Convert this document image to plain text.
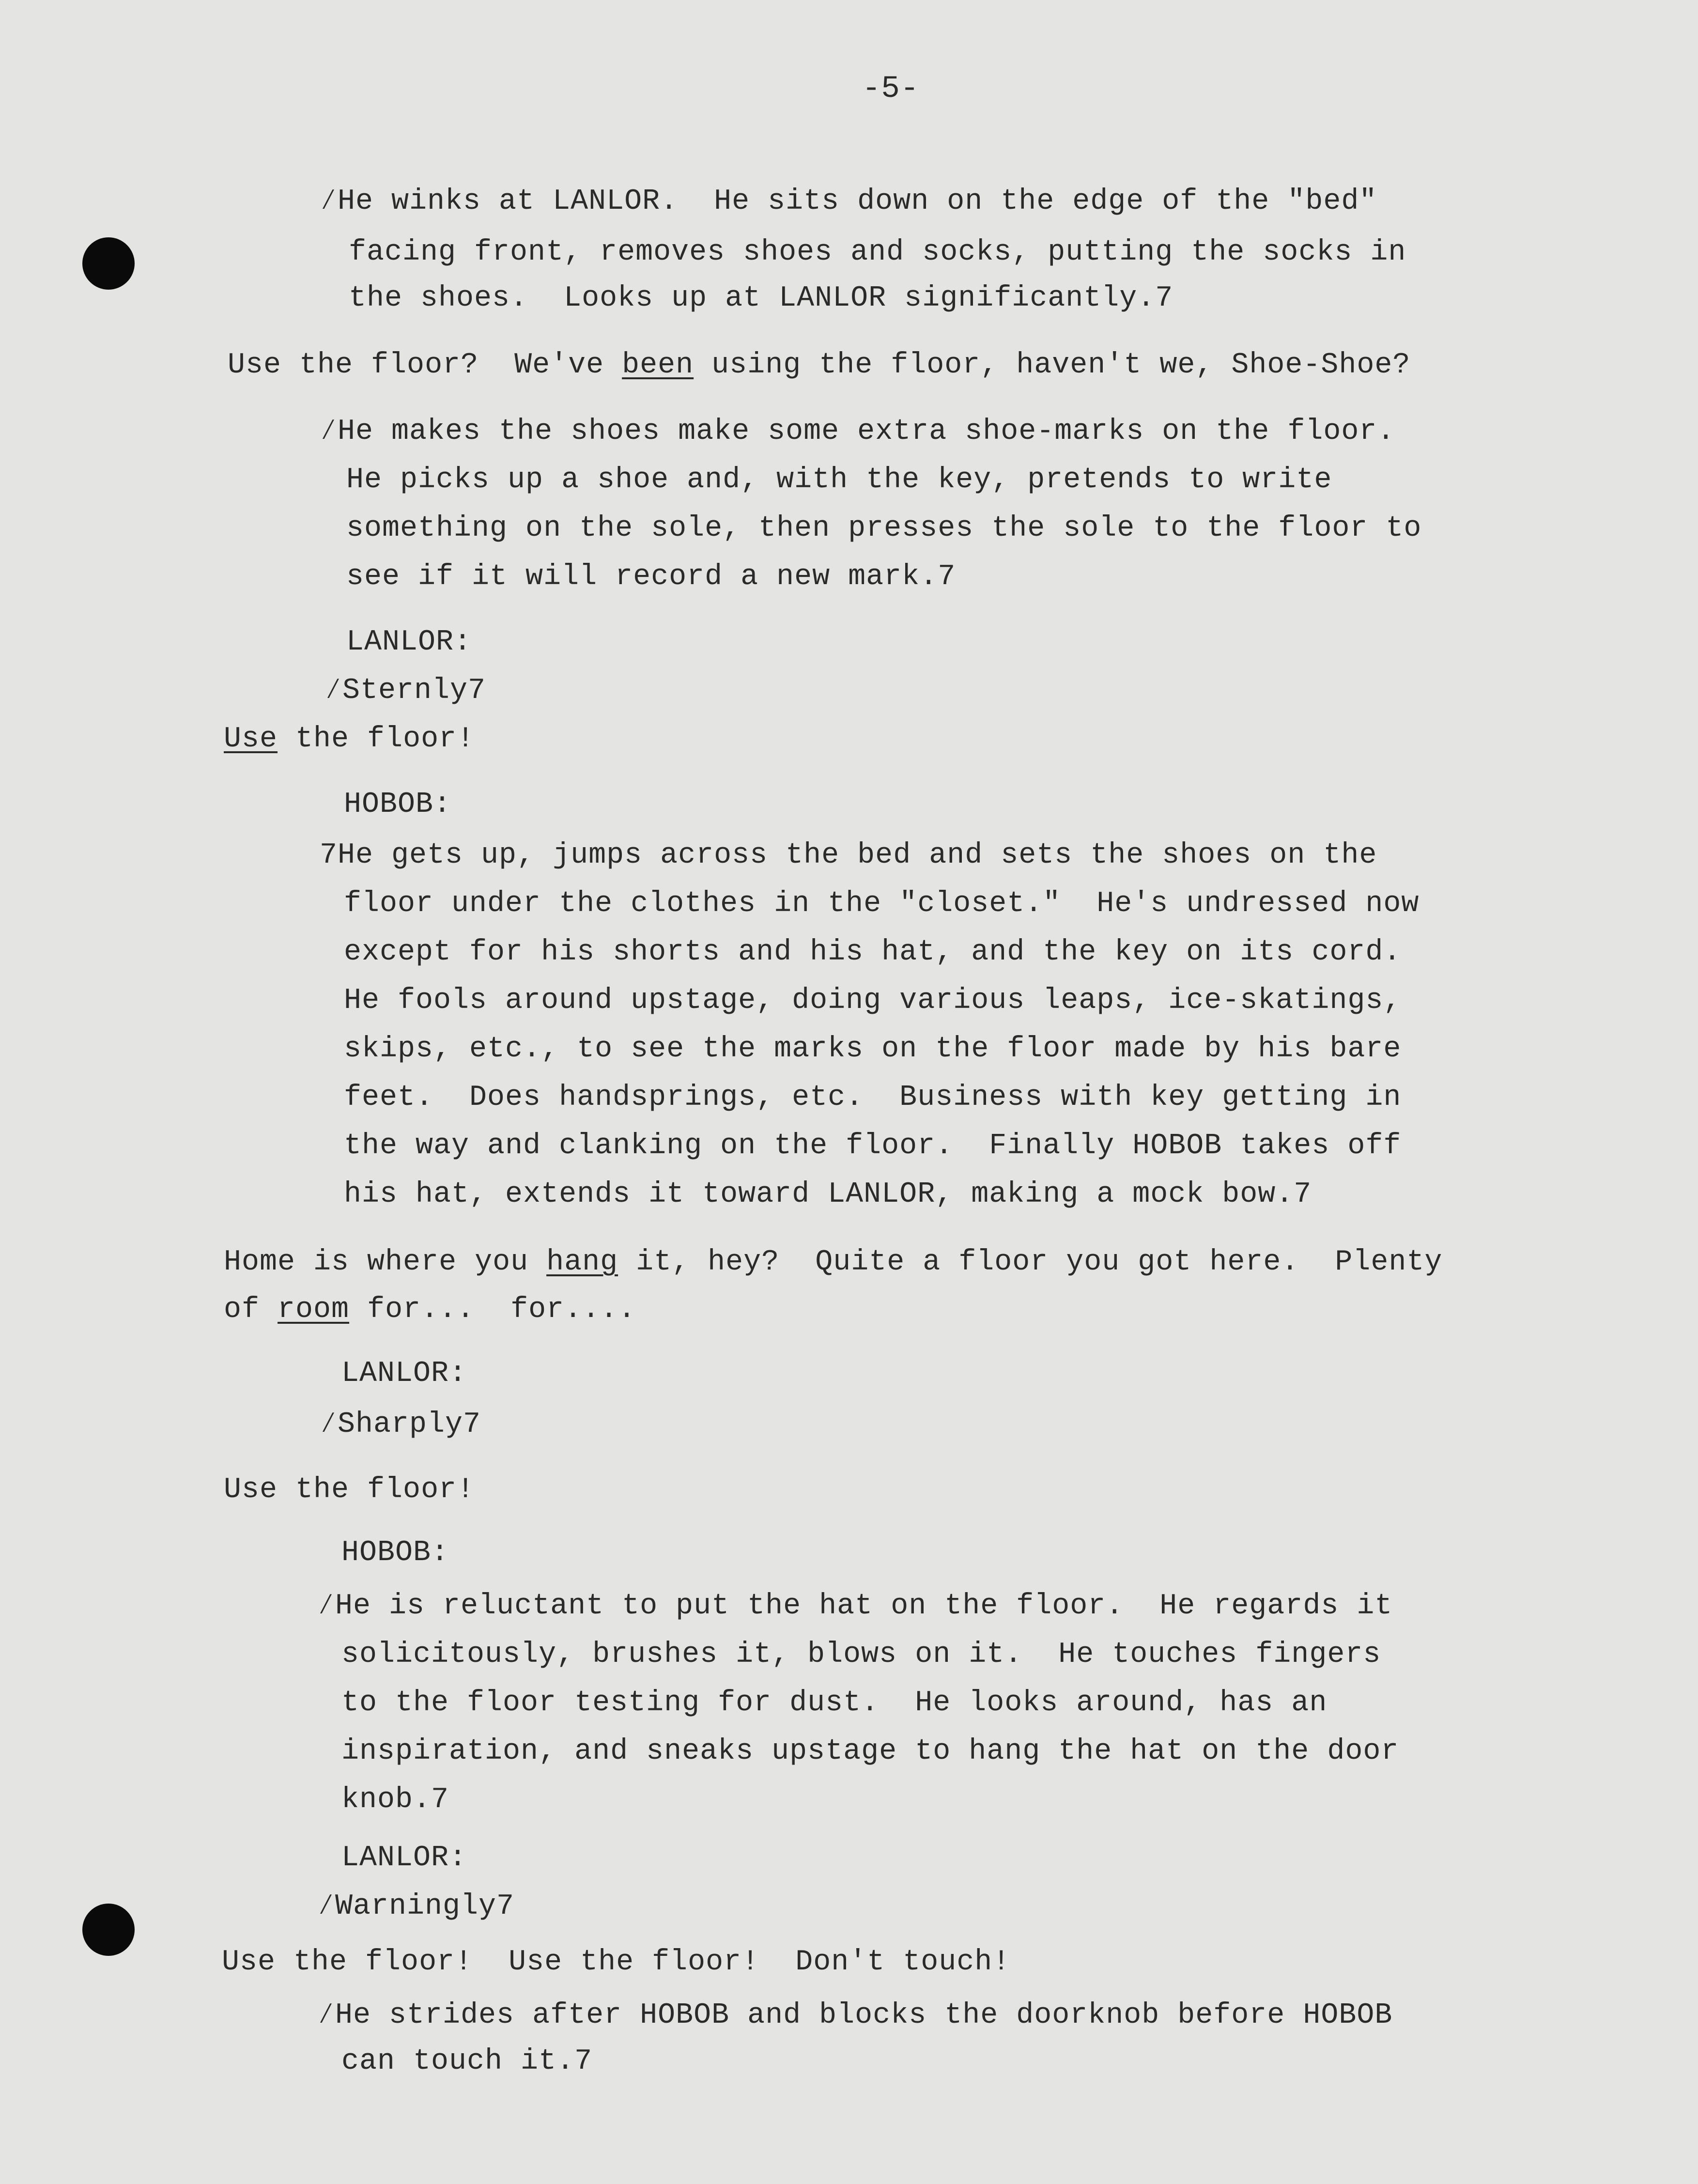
-5-
⁄He winks at LANLOR.  He sits down on the edge of the "bed"
facing front, removes shoes and socks, putting the socks in
the shoes.  Looks up at LANLOR significantly.7
Use the floor?  We've been using the floor, haven't we, Shoe-Shoe?
⁄He makes the shoes make some extra shoe-marks on the floor.
He picks up a shoe and, with the key, pretends to write
something on the sole, then presses the sole to the floor to
see if it will record a new mark.7
LANLOR:
⁄Sternly7
Use the floor!
HOBOB:
7He gets up, jumps across the bed and sets the shoes on the
floor under the clothes in the "closet."  He's undressed now
except for his shorts and his hat, and the key on its cord.
He fools around upstage, doing various leaps, ice-skatings,
skips, etc., to see the marks on the floor made by his bare
feet.  Does handsprings, etc.  Business with key getting in
the way and clanking on the floor.  Finally HOBOB takes off
his hat, extends it toward LANLOR, making a mock bow.7
Home is where you hang it, hey?  Quite a floor you got here.  Plenty
of room for...  for....
LANLOR:
⁄Sharply7
Use the floor!
HOBOB:
⁄He is reluctant to put the hat on the floor.  He regards it
solicitously, brushes it, blows on it.  He touches fingers
to the floor testing for dust.  He looks around, has an
inspiration, and sneaks upstage to hang the hat on the door
knob.7
LANLOR:
⁄Warningly7
Use the floor!  Use the floor!  Don't touch!
⁄He strides after HOBOB and blocks the doorknob before HOBOB
can touch it.7
